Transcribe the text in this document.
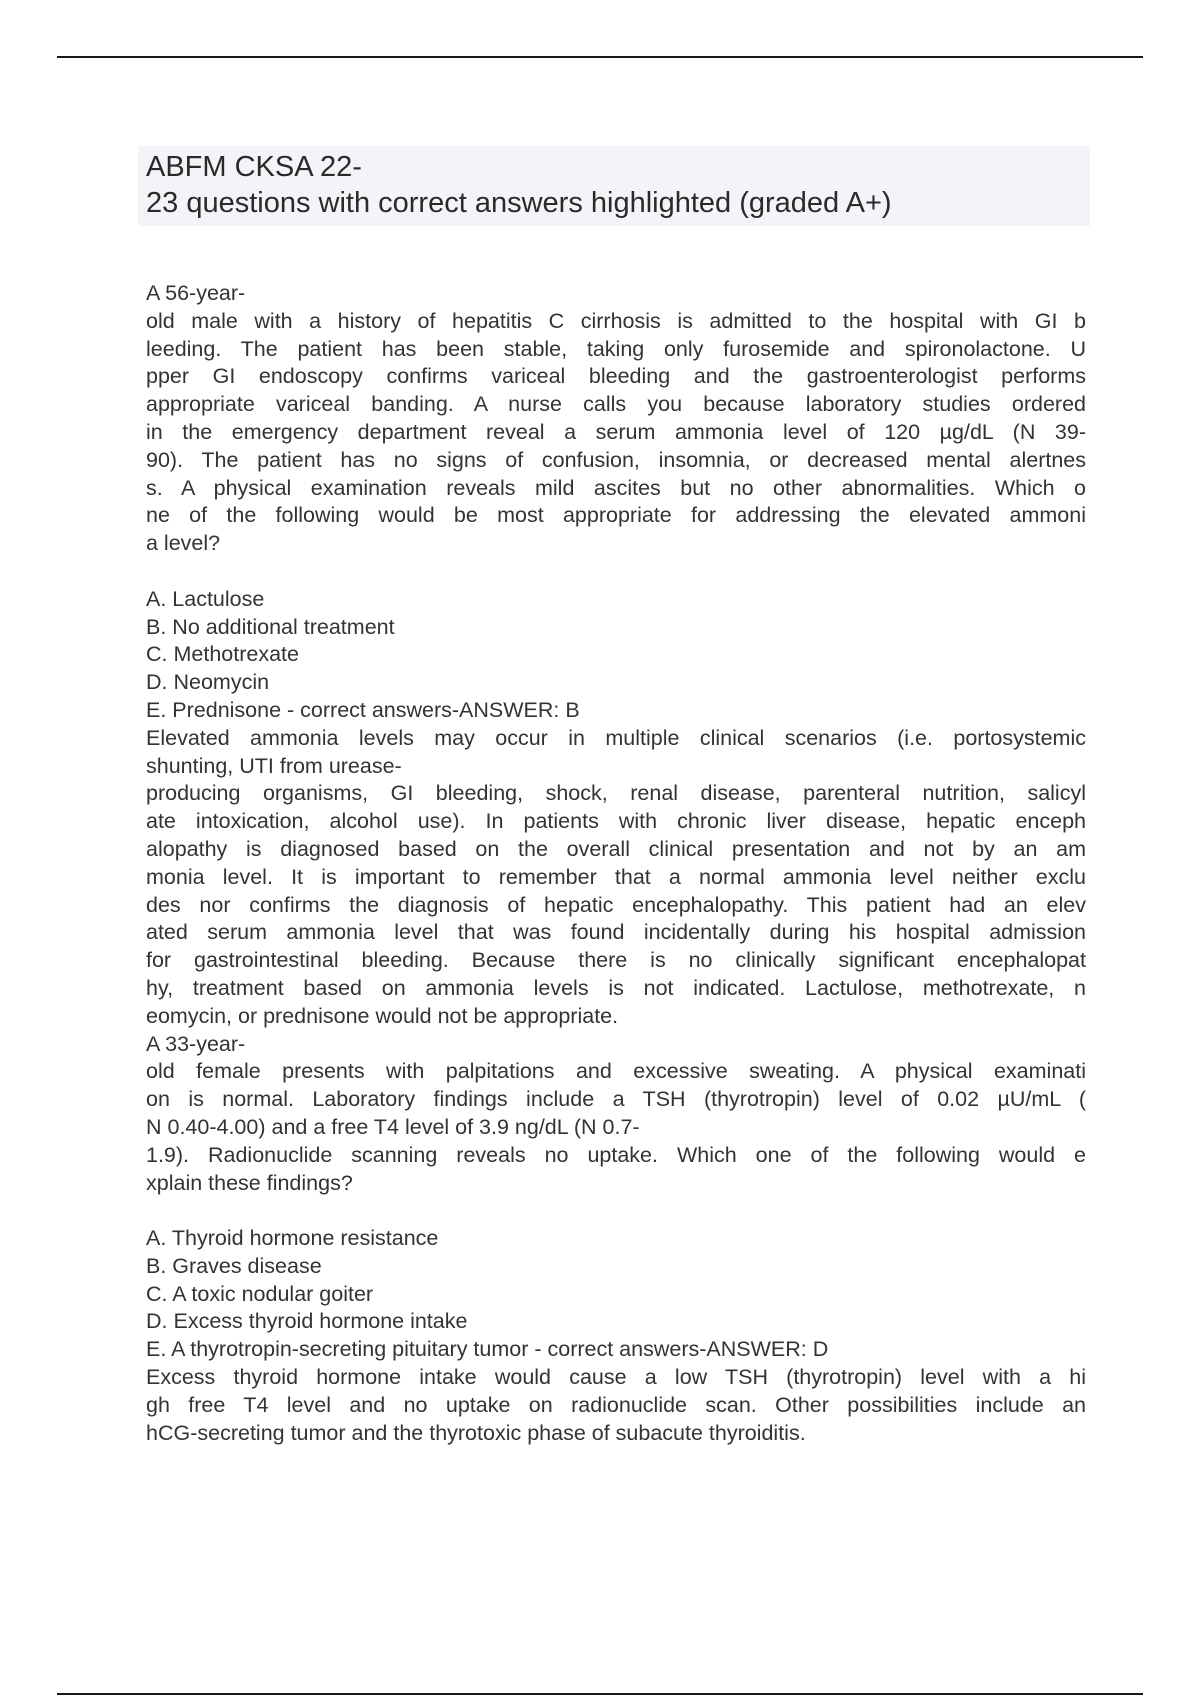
ABFM CKSA 22-
23 questions with correct answers highlighted (graded A+)
A 56-year-
old male with a history of hepatitis C cirrhosis is admitted to the hospital with GI b
leeding. The patient has been stable, taking only furosemide and spironolactone. U
pper GI endoscopy confirms variceal bleeding and the gastroenterologist performs
appropriate variceal banding. A nurse calls you because laboratory studies ordered
in the emergency department reveal a serum ammonia level of 120 µg/dL (N 39-
90). The patient has no signs of confusion, insomnia, or decreased mental alertnes
s. A physical examination reveals mild ascites but no other abnormalities. Which o
ne of the following would be most appropriate for addressing the elevated ammoni
a level?
A. Lactulose
B. No additional treatment
C. Methotrexate
D. Neomycin
E. Prednisone - correct answers-ANSWER: B
Elevated ammonia levels may occur in multiple clinical scenarios (i.e. portosystemic
shunting, UTI from urease-
producing organisms, GI bleeding, shock, renal disease, parenteral nutrition, salicyl
ate intoxication, alcohol use). In patients with chronic liver disease, hepatic enceph
alopathy is diagnosed based on the overall clinical presentation and not by an am
monia level. It is important to remember that a normal ammonia level neither exclu
des nor confirms the diagnosis of hepatic encephalopathy. This patient had an elev
ated serum ammonia level that was found incidentally during his hospital admission
for gastrointestinal bleeding. Because there is no clinically significant encephalopat
hy, treatment based on ammonia levels is not indicated. Lactulose, methotrexate, n
eomycin, or prednisone would not be appropriate.
A 33-year-
old female presents with palpitations and excessive sweating. A physical examinati
on is normal. Laboratory findings include a TSH (thyrotropin) level of 0.02 µU/mL (
N 0.40-4.00) and a free T4 level of 3.9 ng/dL (N 0.7-
1.9). Radionuclide scanning reveals no uptake. Which one of the following would e
xplain these findings?
A. Thyroid hormone resistance
B. Graves disease
C. A toxic nodular goiter
D. Excess thyroid hormone intake
E. A thyrotropin-secreting pituitary tumor - correct answers-ANSWER: D
Excess thyroid hormone intake would cause a low TSH (thyrotropin) level with a hi
gh free T4 level and no uptake on radionuclide scan. Other possibilities include an
hCG-secreting tumor and the thyrotoxic phase of subacute thyroiditis.
